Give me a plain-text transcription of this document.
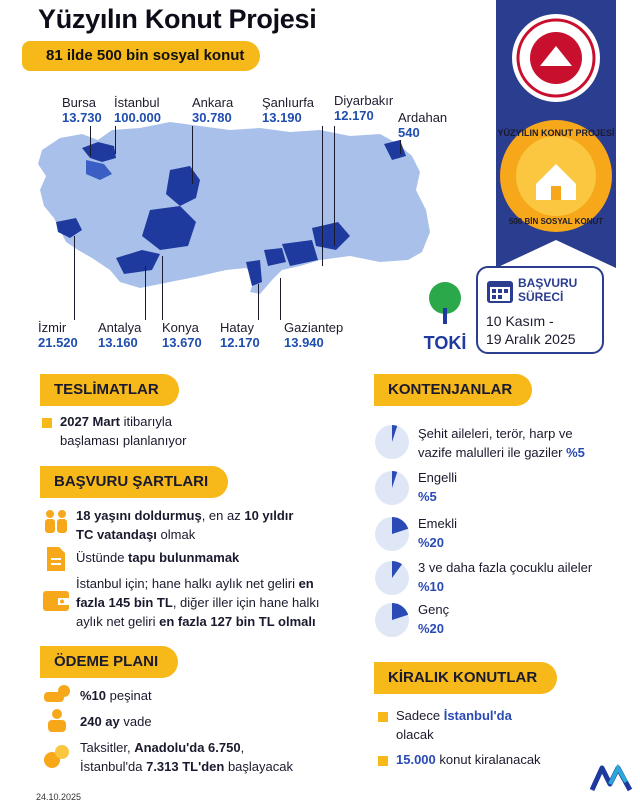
Yüzyılın Konut Projesi
81 ilde 500 bin sosyal konut
Bursa
13.730
İstanbul
100.000
Ankara
30.780
Şanlıurfa
13.190
Diyarbakır
12.170	Ardahan
540
İzmir
21.520
Antalya
13.160
Konya
13.670
Hatay
12.170
Gaziantep
13.940
YÜZYILIN KONUT PROJESİ
500 BİN SOSYAL KONUT
TOKİ
BAŞVURU
SÜRECİ
10 Kasım -
19 Aralık 2025
TESLİMATLAR
2027 Mart itibarıyla
başlaması planlanıyor
BAŞVURU ŞARTLARI
18 yaşını doldurmuş, en az 10 yıldır
TC vatandaşı olmak
Üstünde tapu bulunmamak
İstanbul için; hane halkı aylık net geliri en
fazla 145 bin TL, diğer iller için hane halkı
aylık net geliri en fazla 127 bin TL olmalı
ÖDEME PLANI
%10 peşinat
240 ay vade
Taksitler, Anadolu'da 6.750,
İstanbul'da 7.313 TL'den başlayacak
KONTENJANLAR
Şehit aileleri, terör, harp ve
vazife malulleri ile gaziler %5
Engelli
%5
Emekli
%20
3 ve daha fazla çocuklu aileler
%10
Genç
%20
KİRALIK KONUTLAR
Sadece İstanbul'da
olacak
15.000 konut kiralanacak
24.10.2025
